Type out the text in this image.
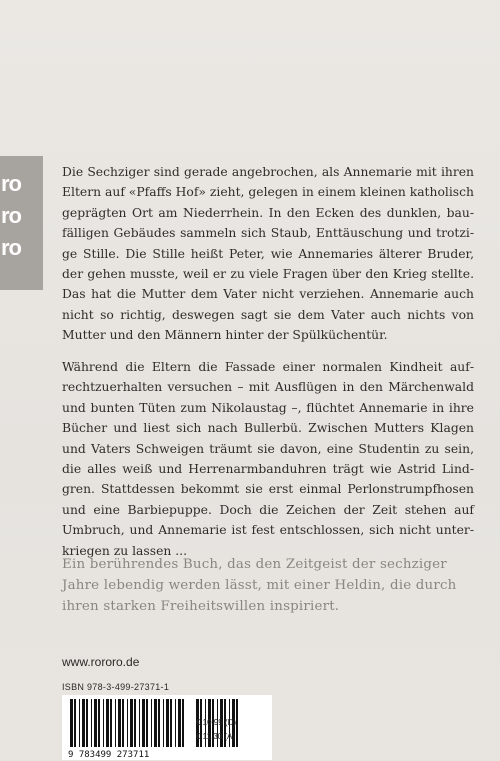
ro
ro
ro
Die Sechziger sind gerade angebrochen, als Annemarie mit ihren Eltern auf «Pfaffs Hof» zieht, gelegen in einem kleinen katholisch geprägten Ort am Niederrhein. In den Ecken des dunklen, baufälligen Gebäudes sammeln sich Staub, Enttäuschung und trotzige Stille. Die Stille heißt Peter, wie Annemaries älterer Bruder, der gehen musste, weil er zu viele Fragen über den Krieg stellte. Das hat die Mutter dem Vater nicht verziehen. Annemarie auch nicht so richtig, deswegen sagt sie dem Vater auch nichts von Mutter und den Männern hinter der Spülküchentür.
Während die Eltern die Fassade einer normalen Kindheit aufrechtzuerhalten versuchen – mit Ausflügen in den Märchenwald und bunten Tüten zum Nikolaustag –, flüchtet Annemarie in ihre Bücher und liest sich nach Bullerbü. Zwischen Mutters Klagen und Vaters Schweigen träumt sie davon, eine Studentin zu sein, die alles weiß und Herrenarmbanduhren trägt wie Astrid Lindgren. Stattdessen bekommt sie erst einmal Perlonstrumpfhosen und eine Barbiepuppe. Doch die Zeichen der Zeit stehen auf Umbruch, und Annemarie ist fest entschlossen, sich nicht unterkriegen zu lassen ...
Ein berührendes Buch, das den Zeitgeist der sechziger Jahre lebendig werden lässt, mit einer Heldin, die durch ihren starken Freiheitswillen inspiriert.
www.rororo.de
ISBN 978-3-499-27371-1
9 783499 273711
€ 10.99 (D)
€ 11.30 (A)
